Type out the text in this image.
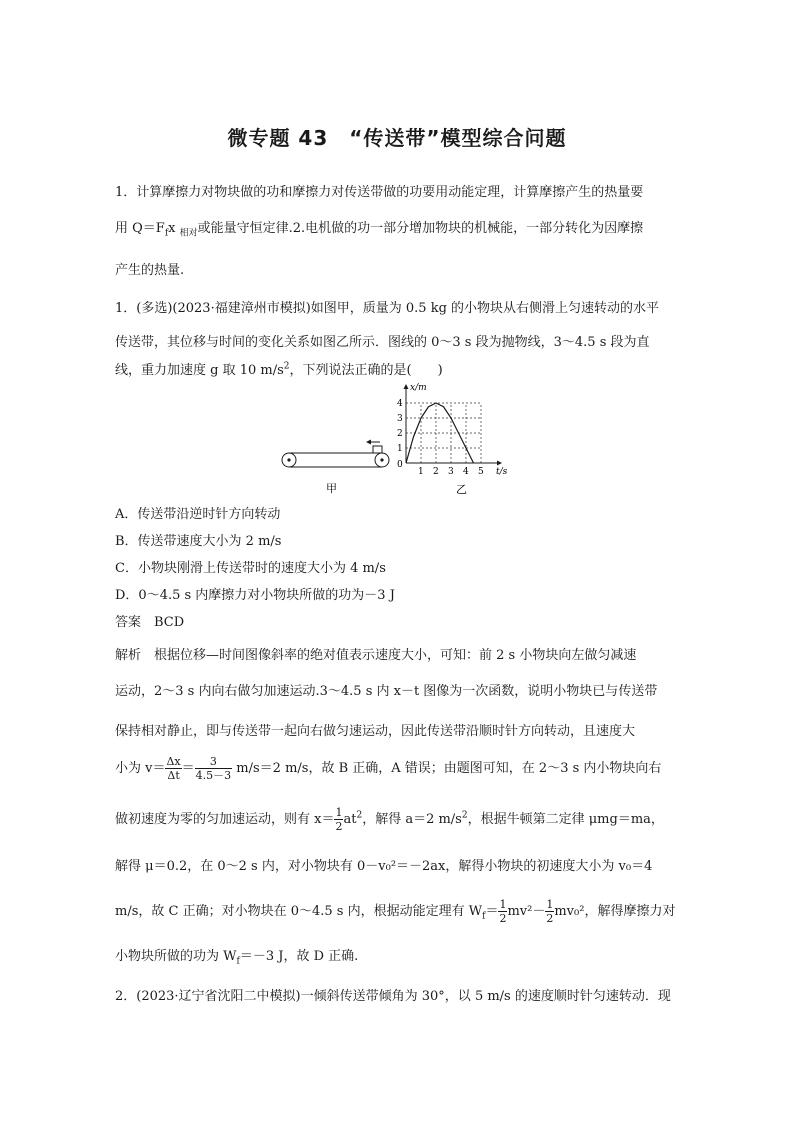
微专题 43　“传送带”模型综合问题
1．计算摩擦力对物块做的功和摩擦力对传送带做的功要用动能定理，计算摩擦产生的热量要
用 $Q=F_fx$ $_{相对}$或能量守恒定律.2.电机做的功一部分增加物块的机械能，一部分转化为因摩擦
产生的热量.
1．(多选)(2023·福建漳州市模拟)如图甲，质量为 0.5 kg 的小物块从右侧滑上匀速转动的水平
传送带，其位移与时间的变化关系如图乙所示．图线的 0～3 s 段为抛物线，3～4.5 s 段为直
线，重力加速度 g 取 10 $m/s^2$，下列说法正确的是(　　)
甲
x/m
t/s
0
1 2 3 4 5
1
2
3
4
乙
A．传送带沿逆时针方向转动
B．传送带速度大小为 2 m/s
C．小物块刚滑上传送带时的速度大小为 4 m/s
D．0～4.5 s 内摩擦力对小物块所做的功为－3 J
答案　BCD
解析　根据位移—时间图像斜率的绝对值表示速度大小，可知：前 2 s 小物块向左做匀减速
运动，2～3 s 内向右做匀加速运动.3～4.5 s 内 x－t 图像为一次函数，说明小物块已与传送带
保持相对静止，即与传送带一起向右做匀速运动，因此传送带沿顺时针方向转动，且速度大
小为 $v= \frac{\Delta x}{\Delta t} = \frac{3}{4.5-3} m/s=2$ m/s，故 B 正确，A 错误；由题图可知，在 2～3 s 内小物块向右
做初速度为零的匀加速运动，则有 $x= \frac{1}{2} at^2$，解得 a＝2 $m/s^2$，根据牛顿第二定律 μmg＝ma，
解得 μ＝0.2，在 0～2 s 内，对小物块有 0－v₀²＝－2ax，解得小物块的初速度大小为 v₀＝4
m/s，故 C 正确；对小物块在 0～4.5 s 内，根据动能定理有 $W_f= \frac{1}{2} mv^2- \frac{1}{2} mv_0^2$，解得摩擦力对
小物块所做的功为 $W_f=-3$ J，故 D 正确.
2．(2023·辽宁省沈阳二中模拟)一倾斜传送带倾角为 30°，以 5 m/s 的速度顺时针匀速转动．现
